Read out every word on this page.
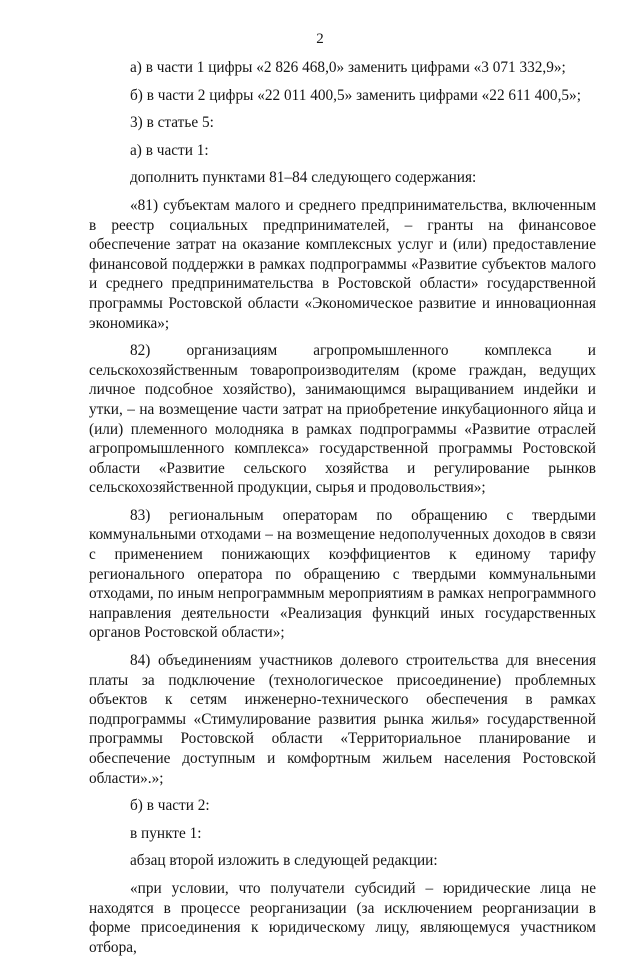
2

а) в части 1 цифры «2 826 468,0» заменить цифрами «3 071 332,9»;

б) в части 2 цифры «22 011 400,5» заменить цифрами «22 611 400,5»;

3) в статье 5:

а) в части 1:

дополнить пунктами 81–84 следующего содержания:

«81) субъектам малого и среднего предпринимательства, включенным в реестр социальных предпринимателей, – гранты на финансовое обеспечение затрат на оказание комплексных услуг и (или) предоставление финансовой поддержки в рамках подпрограммы «Развитие субъектов малого и среднего предпринимательства в Ростовской области» государственной программы Ростовской области «Экономическое развитие и инновационная экономика»;

82) организациям агропромышленного комплекса и сельскохозяйственным товаропроизводителям (кроме граждан, ведущих личное подсобное хозяйство), занимающимся выращиванием индейки и утки, – на возмещение части затрат на приобретение инкубационного яйца и (или) племенного молодняка в рамках подпрограммы «Развитие отраслей агропромышленного комплекса» государственной программы Ростовской области «Развитие сельского хозяйства и регулирование рынков сельскохозяйственной продукции, сырья и продовольствия»;

83) региональным операторам по обращению с твердыми коммунальными отходами – на возмещение недополученных доходов в связи с применением понижающих коэффициентов к единому тарифу регионального оператора по обращению с твердыми коммунальными отходами, по иным непрограммным мероприятиям в рамках непрограммного направления деятельности «Реализация функций иных государственных органов Ростовской области»;

84) объединениям участников долевого строительства для внесения платы за подключение (технологическое присоединение) проблемных объектов к сетям инженерно-технического обеспечения в рамках подпрограммы «Стимулирование развития рынка жилья» государственной программы Ростовской области «Территориальное планирование и обеспечение доступным и комфортным жильем населения Ростовской области».»;

б) в части 2:

в пункте 1:

абзац второй изложить в следующей редакции:

«при условии, что получатели субсидий – юридические лица не находятся в процессе реорганизации (за исключением реорганизации в форме присоединения к юридическому лицу, являющемуся участником отбора,
